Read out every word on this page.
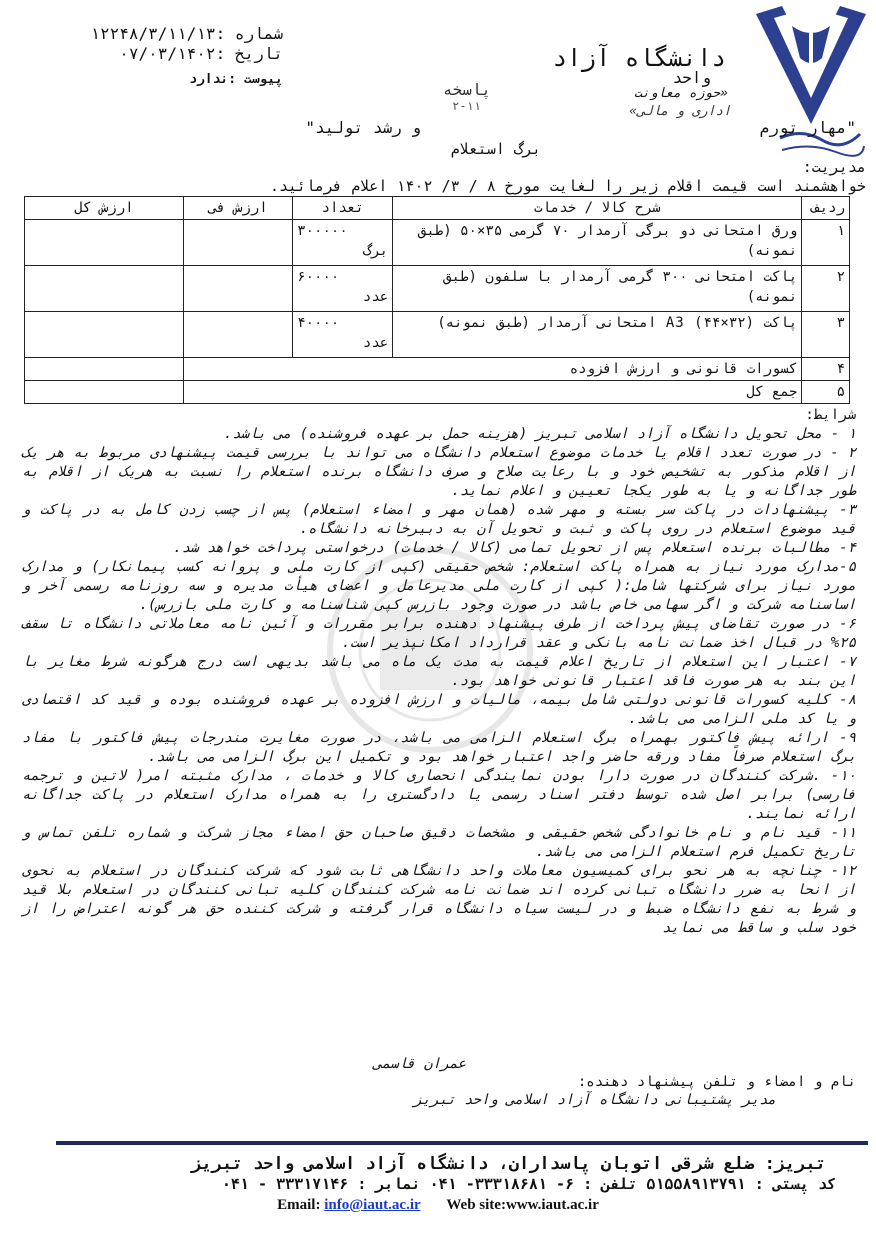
دانشگاه آزاد
واحد
«حوزه معاونت
اداری و مالی»
پاسخه
۲-۱۱
شماره :۱۲۲۴۸/۳/۱۱/۱۳
تاریخ :۰۷/۰۳/۱۴۰۲
پیوست :ندارد
"مهار تورم
و رشد تولید"
برگ استعلام
مدیریت:
خواهشمند است قیمت اقلام زیر را لغایت مورخ ۸ / ۳/ ۱۴۰۲ اعلام فرمائید.
ردیف	شرح کالا / خدمات	تعداد	ارزش فی	ارزش کل
۱	ورق امتحانی دو برگی آرمدار ۷۰ گرمی ۳۵×۵۰ (طبق نمونه)	۳۰۰۰۰۰
برگ		

۲	پاکت امتحانی ۳۰۰ گرمی آرمدار با سلفون (طبق نمونه)	۶۰۰۰۰
عدد		

۳	پاکت A3 (۴۴×۳۲) امتحانی آرمدار (طبق نمونه)	۴۰۰۰۰
عدد		

۴	کسورات قانونی و ارزش افزوده			
۵	جمع کل			

شرایط:

۱ - محل تحویل دانشگاه آزاد اسلامی تبریز (هزینه حمل بر عهده فروشنده) می باشد.

۲ - در صورت تعدد اقلام یا خدمات موضوع استعلام دانشگاه می تواند با بررسی قیمت پیشنهادی مربوط به هر یک از اقلام مذکور به تشخیص خود و با رعایت صلاح و صرف دانشگاه برنده استعلام را نسبت به هریک از اقلام به طور جداگانه و یا به طور یکجا تعیین و اعلام نماید.

۳- پیشنهادات در پاکت سر بسته و مهر شده (همان مهر و امضاء استعلام) پس از چسب زدن کامل به در پاکت و قید موضوع استعلام در روی پاکت و ثبت و تحویل آن به دبیرخانه دانشگاه.

۴- مطالبات برنده استعلام پس از تحویل تمامی (کالا / خدمات) درخواستی پرداخت خواهد شد.

۵-مدارک مورد نیاز به همراه پاکت استعلام: شخص حقیقی (کپی از کارت ملی و پروانه کسب پیمانکار) و مدارک مورد نیاز برای شرکتها شامل:( کپی از کارت ملی مدیرعامل و اعضای هیأت مدیره و سه روزنامه رسمی آخر و اساسنامه شرکت و اگر سهامی خاص باشد در صورت وجود بازرس کپی شناسنامه و کارت ملی بازرس).

۶- در صورت تقاضای پیش پرداخت از طرف پیشنهاد دهنده برابر مقررات و آئین نامه معاملاتی دانشگاه تا سقف ۲۵% در قبال اخذ ضمانت نامه بانکی و عقد قرارداد امکانپذیر است.

۷- اعتبار این استعلام از تاریخ اعلام قیمت به مدت یک ماه می باشد بدیهی است درج هرگونه شرط مغایر با این بند به هر صورت فاقد اعتبار قانونی خواهد بود.

۸- کلیه کسورات قانونی دولتی شامل بیمه، مالیات و ارزش افزوده بر عهده فروشنده بوده و قید کد اقتصادی و یا کد ملی الزامی می باشد.

۹- ارائه پیش فاکتور بهمراه برگ استعلام الزامی می باشد، در صورت مغایرت مندرجات پیش فاکتور با مفاد برگ استعلام صرفاً مفاد ورقه حاضر واجد اعتبار خواهد بود و تکمیل این برگ الزامی می باشد.

۱۰- .شرکت کنندگان در صورت دارا بودن نمایندگی انحصاری کالا و خدمات ، مدارک مثبته امر( لاتین و ترجمه فارسی) برابر اصل شده توسط دفتر اسناد رسمی یا دادگستری را به همراه مدارک استعلام در پاکت جداگانه ارائه نمایند.

۱۱- قید نام و نام خانوادگی شخص حقیقی و مشخصات دقیق صاحبان حق امضاء مجاز شرکت و شماره تلفن تماس و تاریخ تکمیل فرم استعلام الزامی می باشد.

۱۲- چنانچه به هر نحو برای کمیسیون معاملات واحد دانشگاهی ثابت شود که شرکت کنندگان در استعلام به نحوی از انحا به ضرر دانشگاه تبانی کرده اند ضمانت نامه شرکت کنندگان کلیه تبانی کنندگان در استعلام بلا قید و شرط به نفع دانشگاه ضبط و در لیست سیاه دانشگاه قرار گرفته و شرکت کننده حق هر گونه اعتراض را از خود سلب و ساقط می نماید

عمران قاسمی
نام و امضاء و تلفن پیشنهاد دهنده:
مدیر پشتیبانی دانشگاه آزاد اسلامی واحد تبریز
تبریز: ضلع شرقی اتوبان پاسداران، دانشگاه آزاد اسلامی واحد تبریز
کد پستی : ۵۱۵۵۸۹۱۳۷۹۱ تلفن : ۶- ۳۳۳۱۸۶۸۱- ۰۴۱ نمابر : ۳۳۳۱۷۱۴۶ - ۰۴۱
Email: info@iaut.ac.ir Web site:www.iaut.ac.ir
